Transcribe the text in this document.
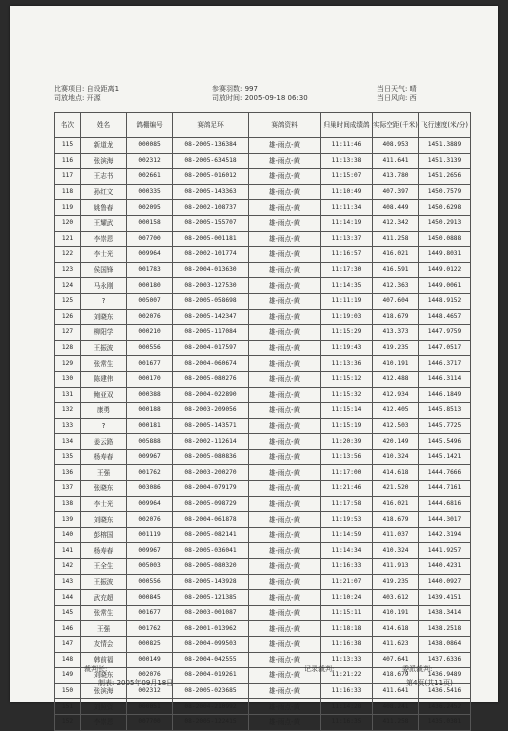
比赛项目: 自设距离1	参赛羽数: 997	当日天气: 晴
司放地点: 开源	司放时间: 2005-09-18 06:30	当日风向: 西
名次	姓名	鸽棚编号	赛鸽足环	赛鸽资料	归巢时间成绩鸽	实际空距(千米)	飞行速度(米/分)
115	新道龙	000085	08-2005-136384	雄-雨点-黄	11:11:46	408.953	1451.3889
116	张滨海	002312	08-2005-634518	雄-雨点-黄	11:13:38	411.641	1451.3139
117	王志书	002661	08-2005-016012	雄-雨点-黄	11:15:07	413.780	1451.2656
118	孙红文	000335	08-2005-143363	雄-雨点-黄	11:10:49	407.397	1450.7579
119	姚鲁春	002095	08-2002-108737	雄-雨点-黄	11:11:34	408.449	1450.6298
120	王耀武	000158	08-2005-155707	雄-雨点-黄	11:14:19	412.342	1450.2913
121	李崇恩	007700	08-2005-001181	雄-雨点-黄	11:13:37	411.258	1450.0888
122	李士光	009964	08-2002-101774	雄-雨点-黄	11:16:57	416.021	1449.8031
123	侯国锋	001783	08-2004-013630	雄-雨点-黄	11:17:30	416.591	1449.0122
124	马永刚	000180	08-2003-127530	雄-雨点-黄	11:14:35	412.363	1449.0061
125	?	005007	08-2005-058698	雄-雨点-黄	11:11:19	407.604	1448.9152
126	刘晓东	002076	08-2005-142347	雄-雨点-黄	11:19:03	418.679	1448.4657
127	柳阳学	000210	08-2005-117084	雄-雨点-黄	11:15:29	413.373	1447.9759
128	王振波	000556	08-2004-017597	雄-雨点-黄	11:19:43	419.235	1447.0517
129	张常生	001677	08-2004-060674	雄-雨点-黄	11:13:36	410.191	1446.3717
130	陈建伟	000170	08-2005-080276	雄-雨点-黄	11:15:12	412.488	1446.3114
131	鲍亚双	000388	08-2004-022890	雄-雨点-黄	11:15:32	412.934	1446.1849
132	康勇	000188	08-2003-209056	雄-雨点-黄	11:15:14	412.405	1445.8513
133	?	000181	08-2005-143571	雄-雨点-黄	11:15:19	412.503	1445.7725
134	姜云路	005888	08-2002-112614	雄-雨点-黄	11:20:39	420.149	1445.5496
135	杨寿春	009967	08-2005-080836	雄-雨点-黄	11:13:56	410.324	1445.1421
136	王强	001762	08-2003-200270	雄-雨点-黄	11:17:00	414.618	1444.7666
137	张晓东	003086	08-2004-079179	雄-雨点-黄	11:21:46	421.520	1444.7161
138	李士光	009964	08-2005-098729	雄-雨点-黄	11:17:58	416.021	1444.6816
139	刘晓东	002076	08-2004-061878	雄-雨点-黄	11:19:53	418.679	1444.3017
140	彭榕国	001119	08-2005-082141	雄-雨点-黄	11:14:59	411.037	1442.3194
141	杨寿春	009967	08-2005-036041	雄-雨点-黄	11:14:34	410.324	1441.9257
142	王全生	005003	08-2005-080320	雄-雨点-黄	11:16:33	411.913	1440.4231
143	王振波	000556	08-2005-143928	雄-雨点-黄	11:21:07	419.235	1440.0927
144	武充超	000845	08-2005-121385	雄-雨点-黄	11:10:24	403.612	1439.4151
145	张常生	001677	08-2003-001087	雄-雨点-黄	11:15:11	410.191	1438.3414
146	王强	001762	08-2001-013962	雄-雨点-黄	11:18:18	414.618	1438.2518
147	友情会	000825	08-2004-099503	雄-雨点-黄	11:16:38	411.623	1438.0864
148	韩前福	000149	08-2004-042555	雄-雨点-黄	11:13:33	407.641	1437.6336
149	刘晓东	002076	08-2004-019261	雄-雨点-黄	11:21:22	418.679	1436.9489
150	张滨海	002312	08-2005-023685	雄-雨点-黄	11:16:33	411.641	1436.5416
151	刘照资	000051	08-2004-210992	雄-雨点-黄	11:14:28	408.241	1436.2452
152	李崇恩	007700	08-2005-122415	雄-雨点-黄	11:16:35	411.258	1435.0381
裁判长:	记录裁判:	委派裁判:
制表: 2005年09月18日	第4页(共11页)
